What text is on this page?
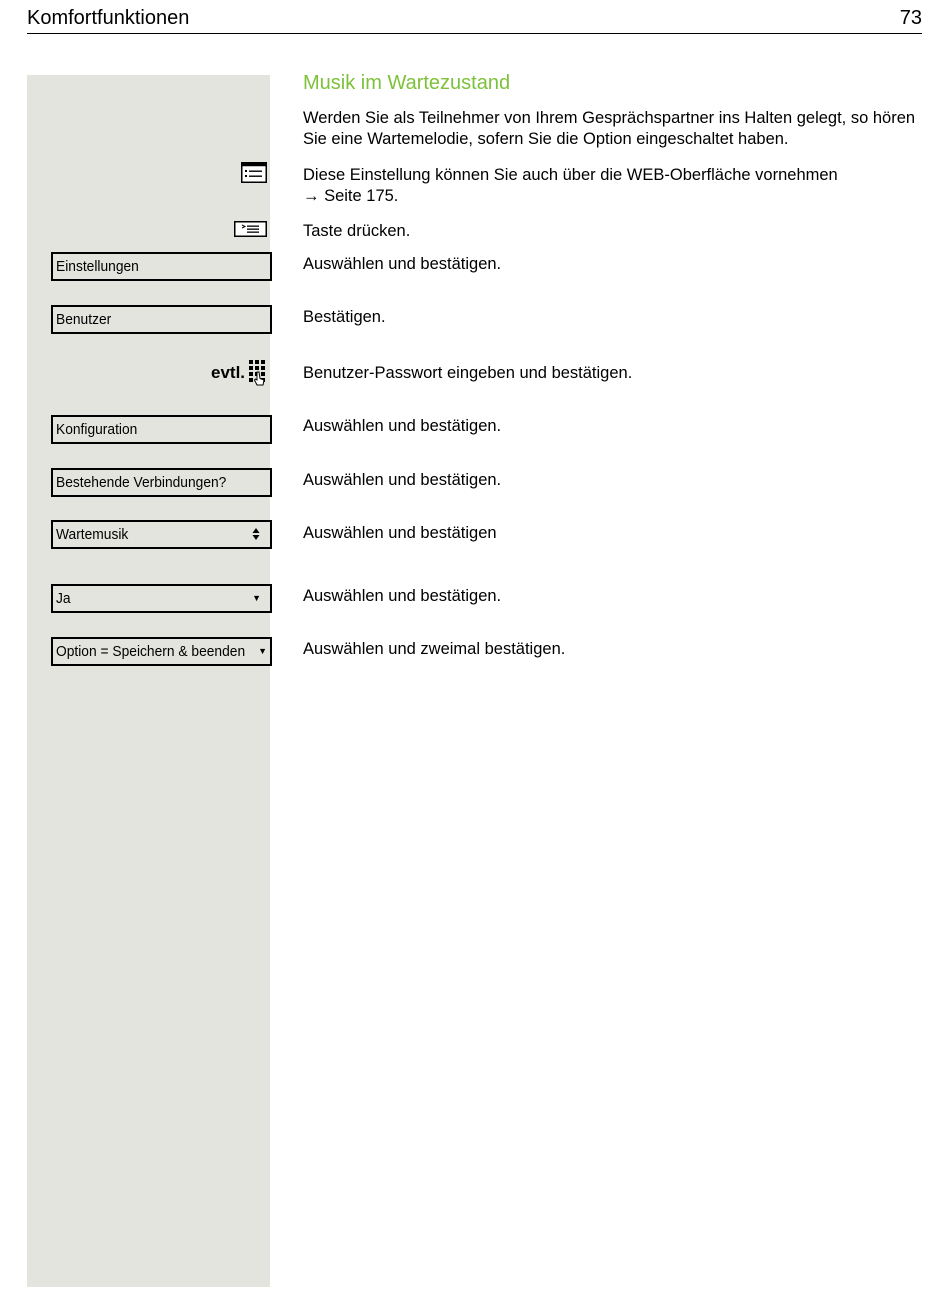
Komfortfunktionen	73
Musik im Wartezustand
Werden Sie als Teilnehmer von Ihrem Gesprächspartner ins Halten gelegt, so hören Sie eine Wartemelodie, sofern Sie die Option eingeschaltet haben.
Diese Einstellung können Sie auch über die WEB-Oberfläche vornehmen
→ Seite 175.
Taste drücken.
Einstellungen	Auswählen und bestätigen.
Benutzer	Bestätigen.
evtl.	Benutzer-Passwort eingeben und bestätigen.
Konfiguration	Auswählen und bestätigen.
Bestehende Verbindungen?	Auswählen und bestätigen.
Wartemusik	Auswählen und bestätigen
Ja	▼	Auswählen und bestätigen.
Option = Speichern & beenden ▼ Auswählen und zweimal bestätigen.
